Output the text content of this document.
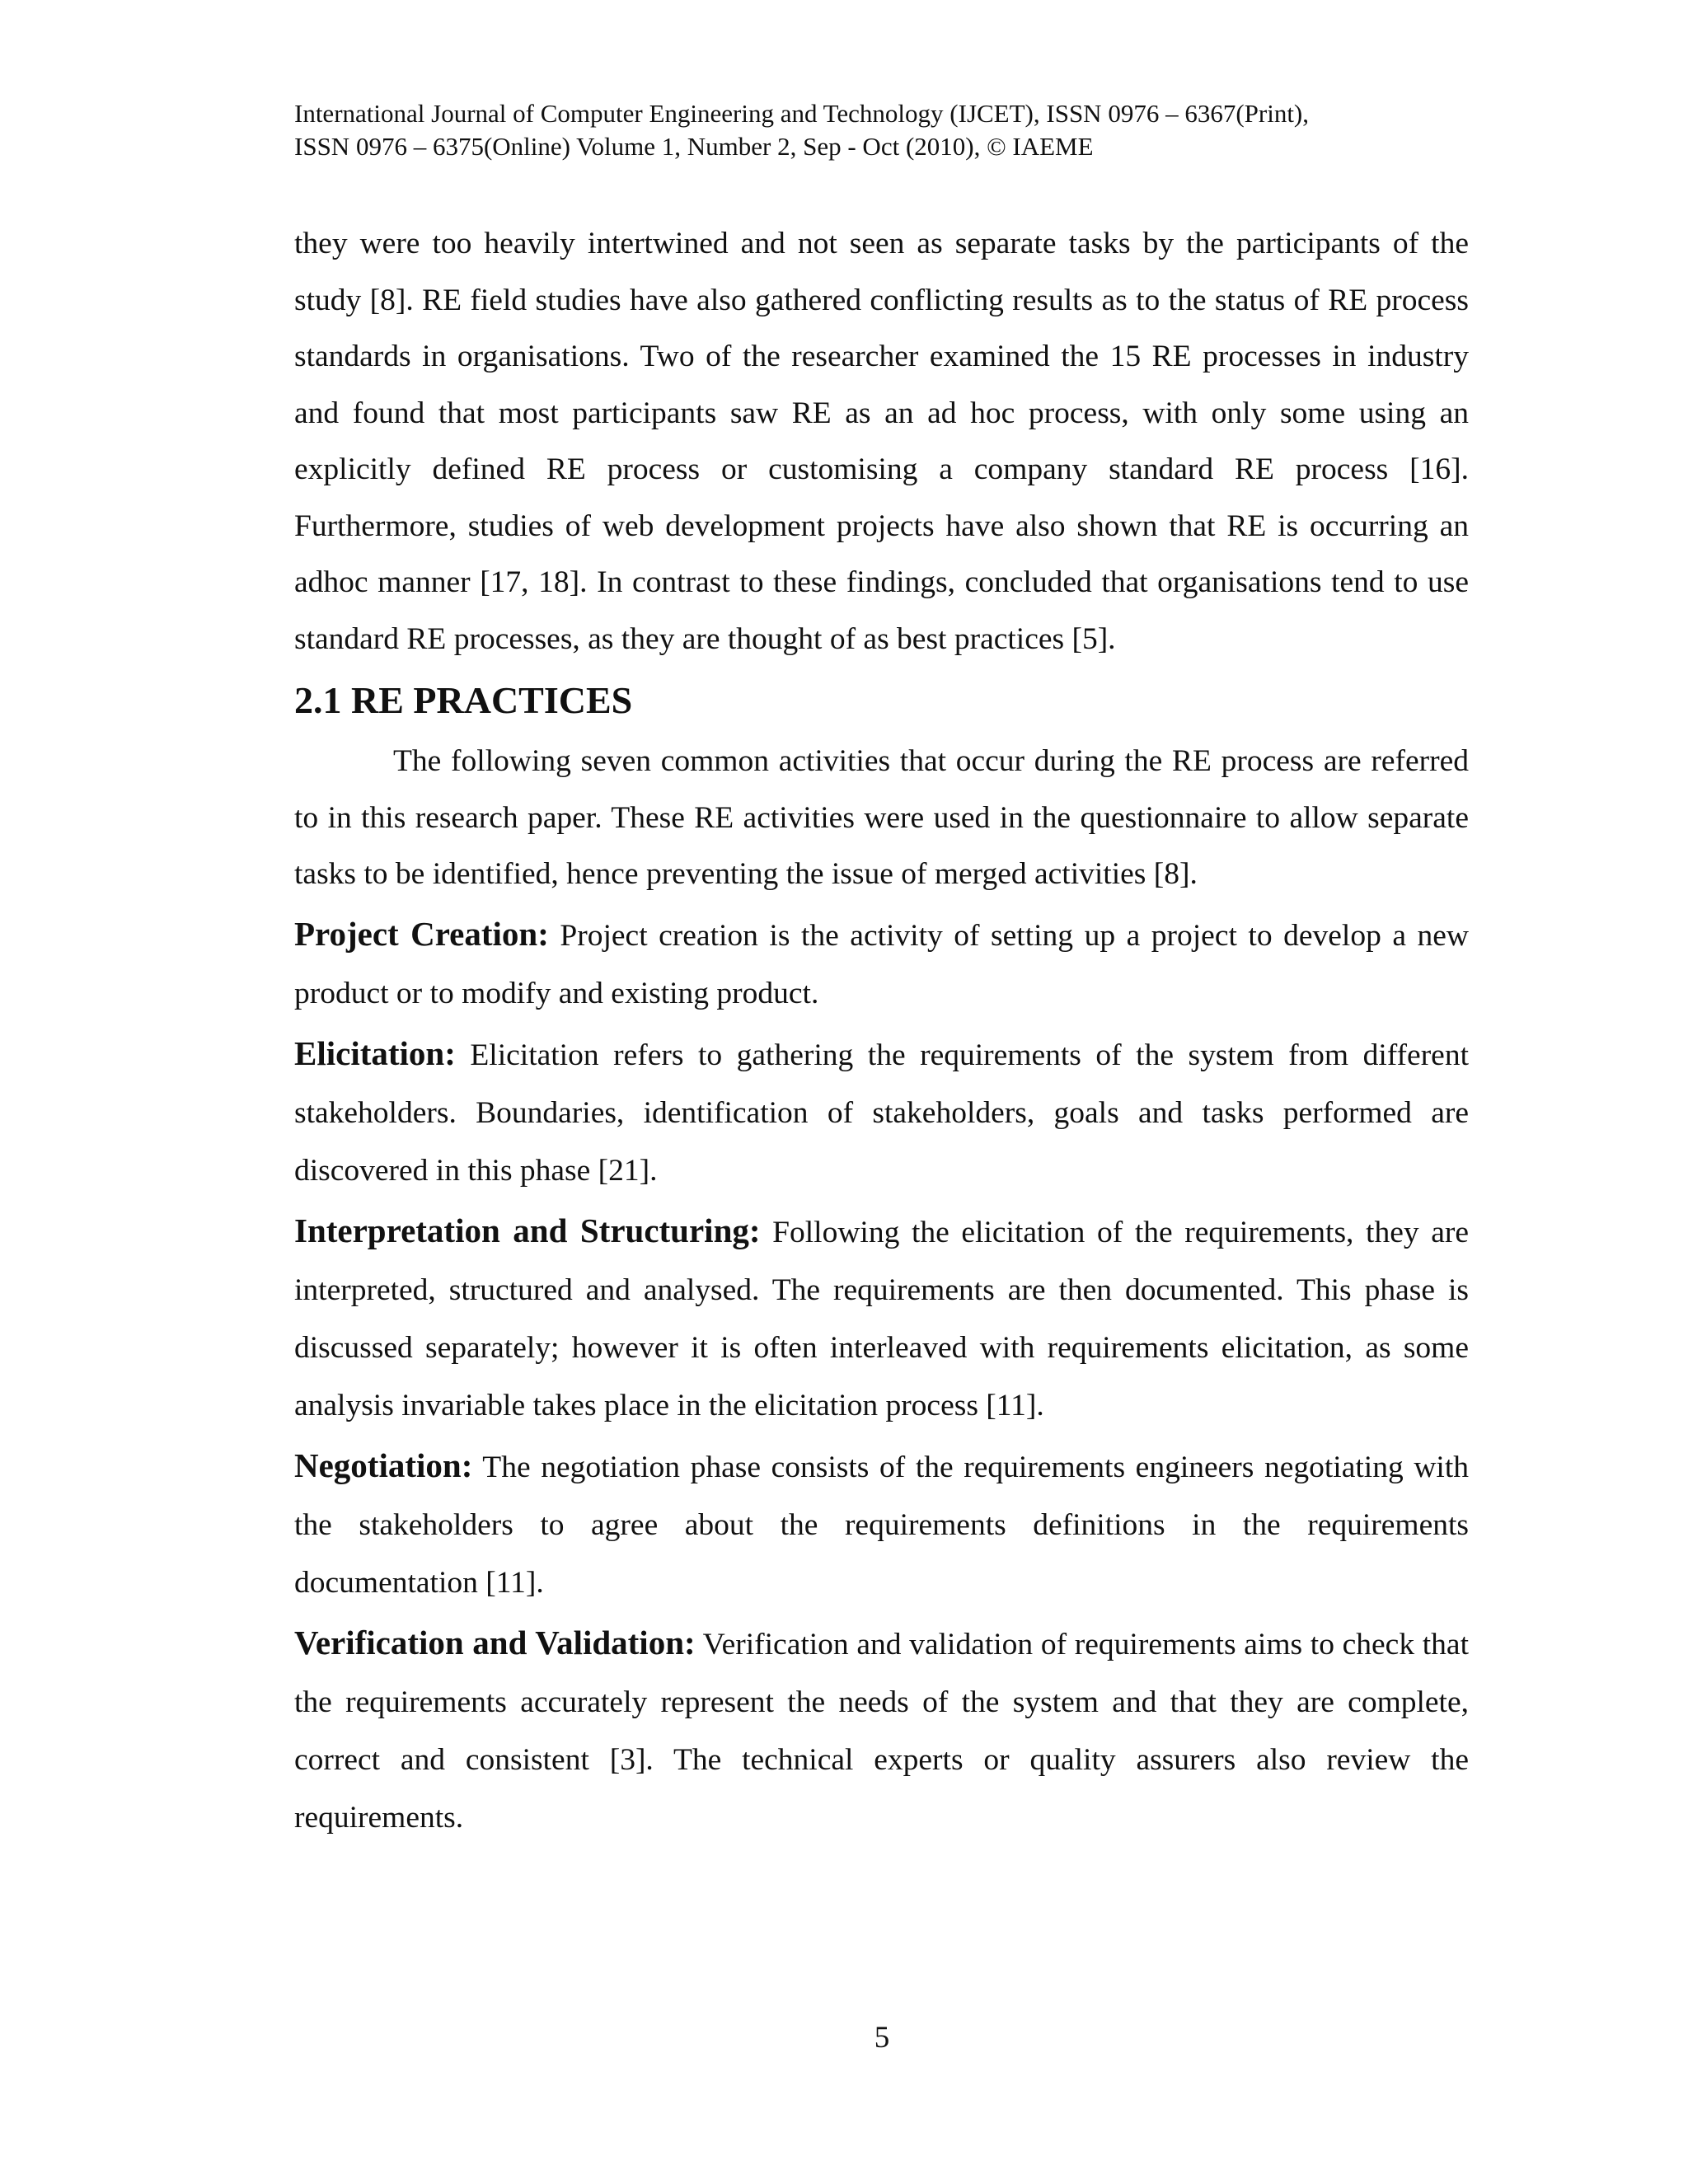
International Journal of Computer Engineering and Technology (IJCET), ISSN 0976 – 6367(Print),
ISSN 0976 – 6375(Online) Volume 1, Number 2, Sep - Oct (2010), © IAEME

they were too heavily intertwined and not seen as separate tasks by the participants of the study [8]. RE field studies have also gathered conflicting results as to the status of RE process standards in organisations. Two of the researcher examined the 15 RE processes in industry and found that most participants saw RE as an ad hoc process, with only some using an explicitly defined RE process or customising a company standard RE process [16]. Furthermore, studies of web development projects have also shown that RE is occurring an adhoc manner [17, 18]. In contrast to these findings, concluded that organisations tend to use standard RE processes, as they are thought of as best practices [5].

2.1 RE PRACTICES

The following seven common activities that occur during the RE process are referred to in this research paper. These RE activities were used in the questionnaire to allow separate tasks to be identified, hence preventing the issue of merged activities [8].

Project Creation: Project creation is the activity of setting up a project to develop a new product or to modify and existing product.

Elicitation: Elicitation refers to gathering the requirements of the system from different stakeholders. Boundaries, identification of stakeholders, goals and tasks performed are discovered in this phase [21].

Interpretation and Structuring: Following the elicitation of the requirements, they are interpreted, structured and analysed. The requirements are then documented. This phase is discussed separately; however it is often interleaved with requirements elicitation, as some analysis invariable takes place in the elicitation process [11].

Negotiation: The negotiation phase consists of the requirements engineers negotiating with the stakeholders to agree about the requirements definitions in the requirements documentation [11].

Verification and Validation: Verification and validation of requirements aims to check that the requirements accurately represent the needs of the system and that they are complete, correct and consistent [3]. The technical experts or quality assurers also review the requirements.

5
